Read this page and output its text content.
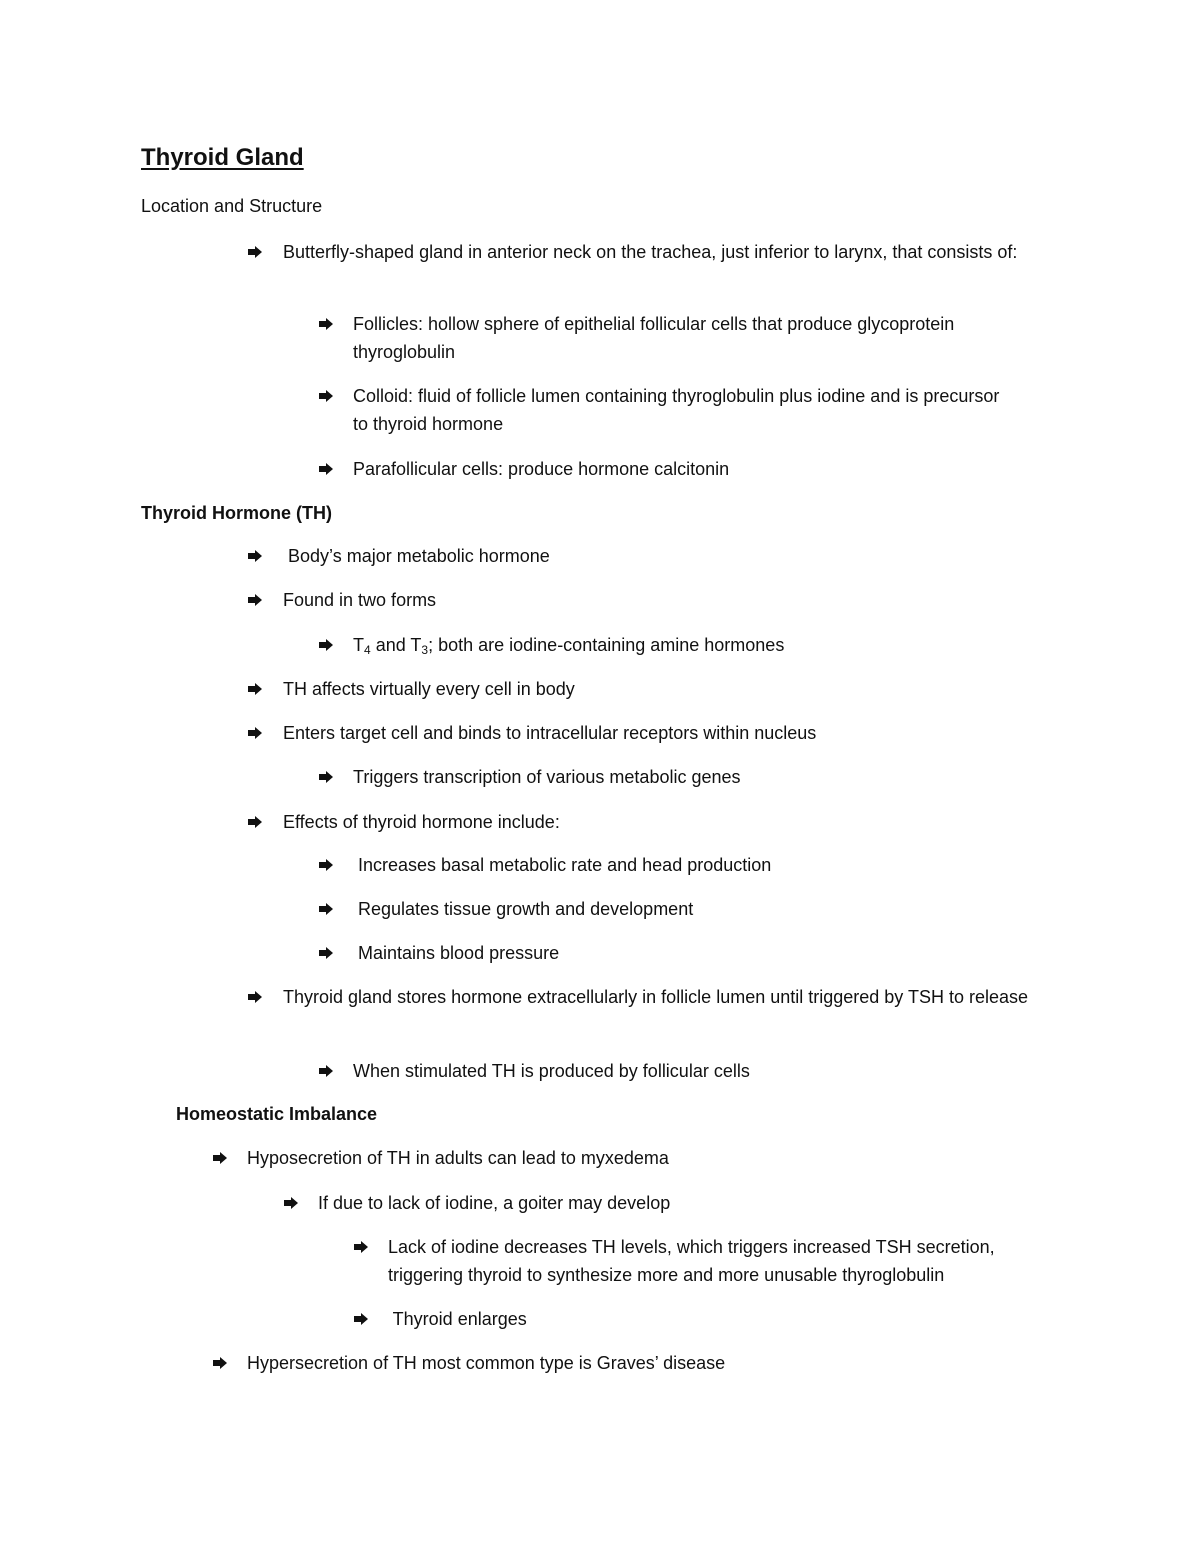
Thyroid Gland
Location and Structure
Butterfly-shaped gland in anterior neck on the trachea, just inferior to larynx, that consists of:
Follicles: hollow sphere of epithelial follicular cells that produce glycoprotein thyroglobulin
Colloid: fluid of follicle lumen containing thyroglobulin plus iodine and is precursor to thyroid hormone
Parafollicular cells: produce hormone calcitonin
Thyroid Hormone (TH)
Body’s major metabolic hormone
Found in two forms
$T_4$ and $T_3$; both are iodine-containing amine hormones
TH affects virtually every cell in body
Enters target cell and binds to intracellular receptors within nucleus
Triggers transcription of various metabolic genes
Effects of thyroid hormone include:
Increases basal metabolic rate and head production
Regulates tissue growth and development
Maintains blood pressure
Thyroid gland stores hormone extracellularly in follicle lumen until triggered by TSH to release
When stimulated TH is produced by follicular cells
Homeostatic Imbalance
Hyposecretion of TH in adults can lead to myxedema
If due to lack of iodine, a goiter may develop
Lack of iodine decreases TH levels, which triggers increased TSH secretion, triggering thyroid to synthesize more and more unusable thyroglobulin
Thyroid enlarges
Hypersecretion of TH most common type is Graves’ disease
